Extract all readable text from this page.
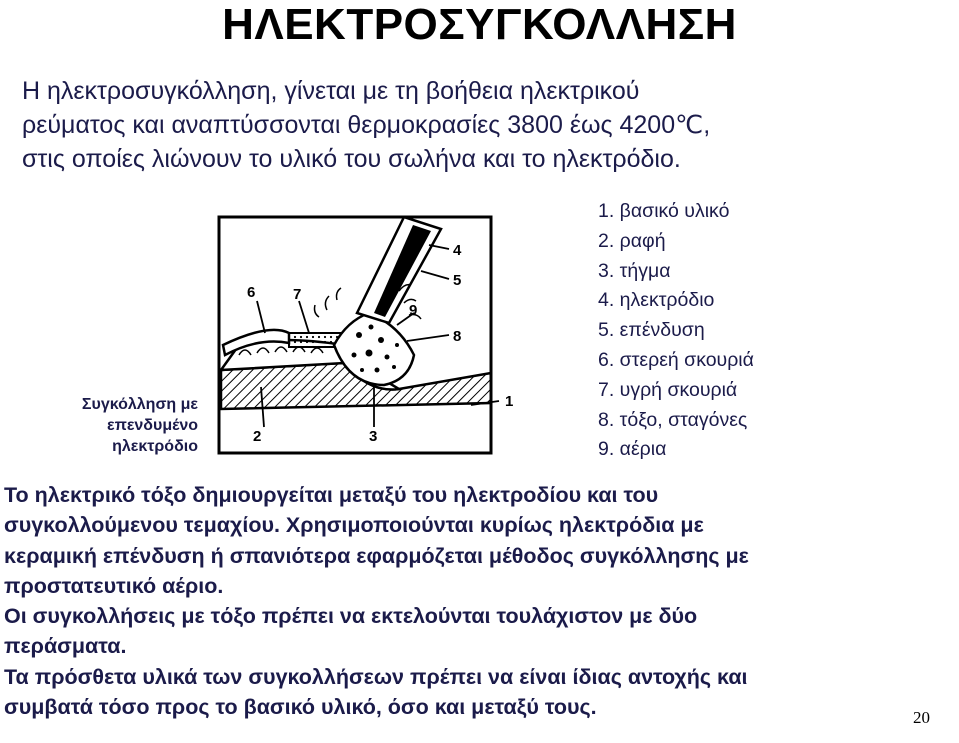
ΗΛΕΚΤΡΟΣΥΓΚΟΛΛΗΣΗ
Η ηλεκτροσυγκόλληση, γίνεται με τη βοήθεια ηλεκτρικού
ρεύματος και αναπτύσσονται θερμοκρασίες 3800 έως 4200℃,
στις οποίες λιώνουν το υλικό του σωλήνα και το ηλεκτρόδιο.
Συγκόλληση με
επενδυμένο
ηλεκτρόδιο
1
2	3
4
5
6	7
8
9
1. βασικό υλικό
2. ραφή
3. τήγμα
4. ηλεκτρόδιο
5. επένδυση
6. στερεή σκουριά
7. υγρή σκουριά
8. τόξο, σταγόνες
9. αέρια
Το ηλεκτρικό τόξο δημιουργείται μεταξύ του ηλεκτροδίου και του
συγκολλούμενου τεμαχίου. Χρησιμοποιούνται κυρίως ηλεκτρόδια με
κεραμική επένδυση ή σπανιότερα εφαρμόζεται μέθοδος συγκόλλησης με
προστατευτικό αέριο.
Οι συγκολλήσεις με τόξο πρέπει να εκτελούνται τουλάχιστον με δύο
περάσματα.
Τα πρόσθετα υλικά των συγκολλήσεων πρέπει να είναι ίδιας αντοχής και
συμβατά τόσο προς το βασικό υλικό, όσο και μεταξύ τους.	20
